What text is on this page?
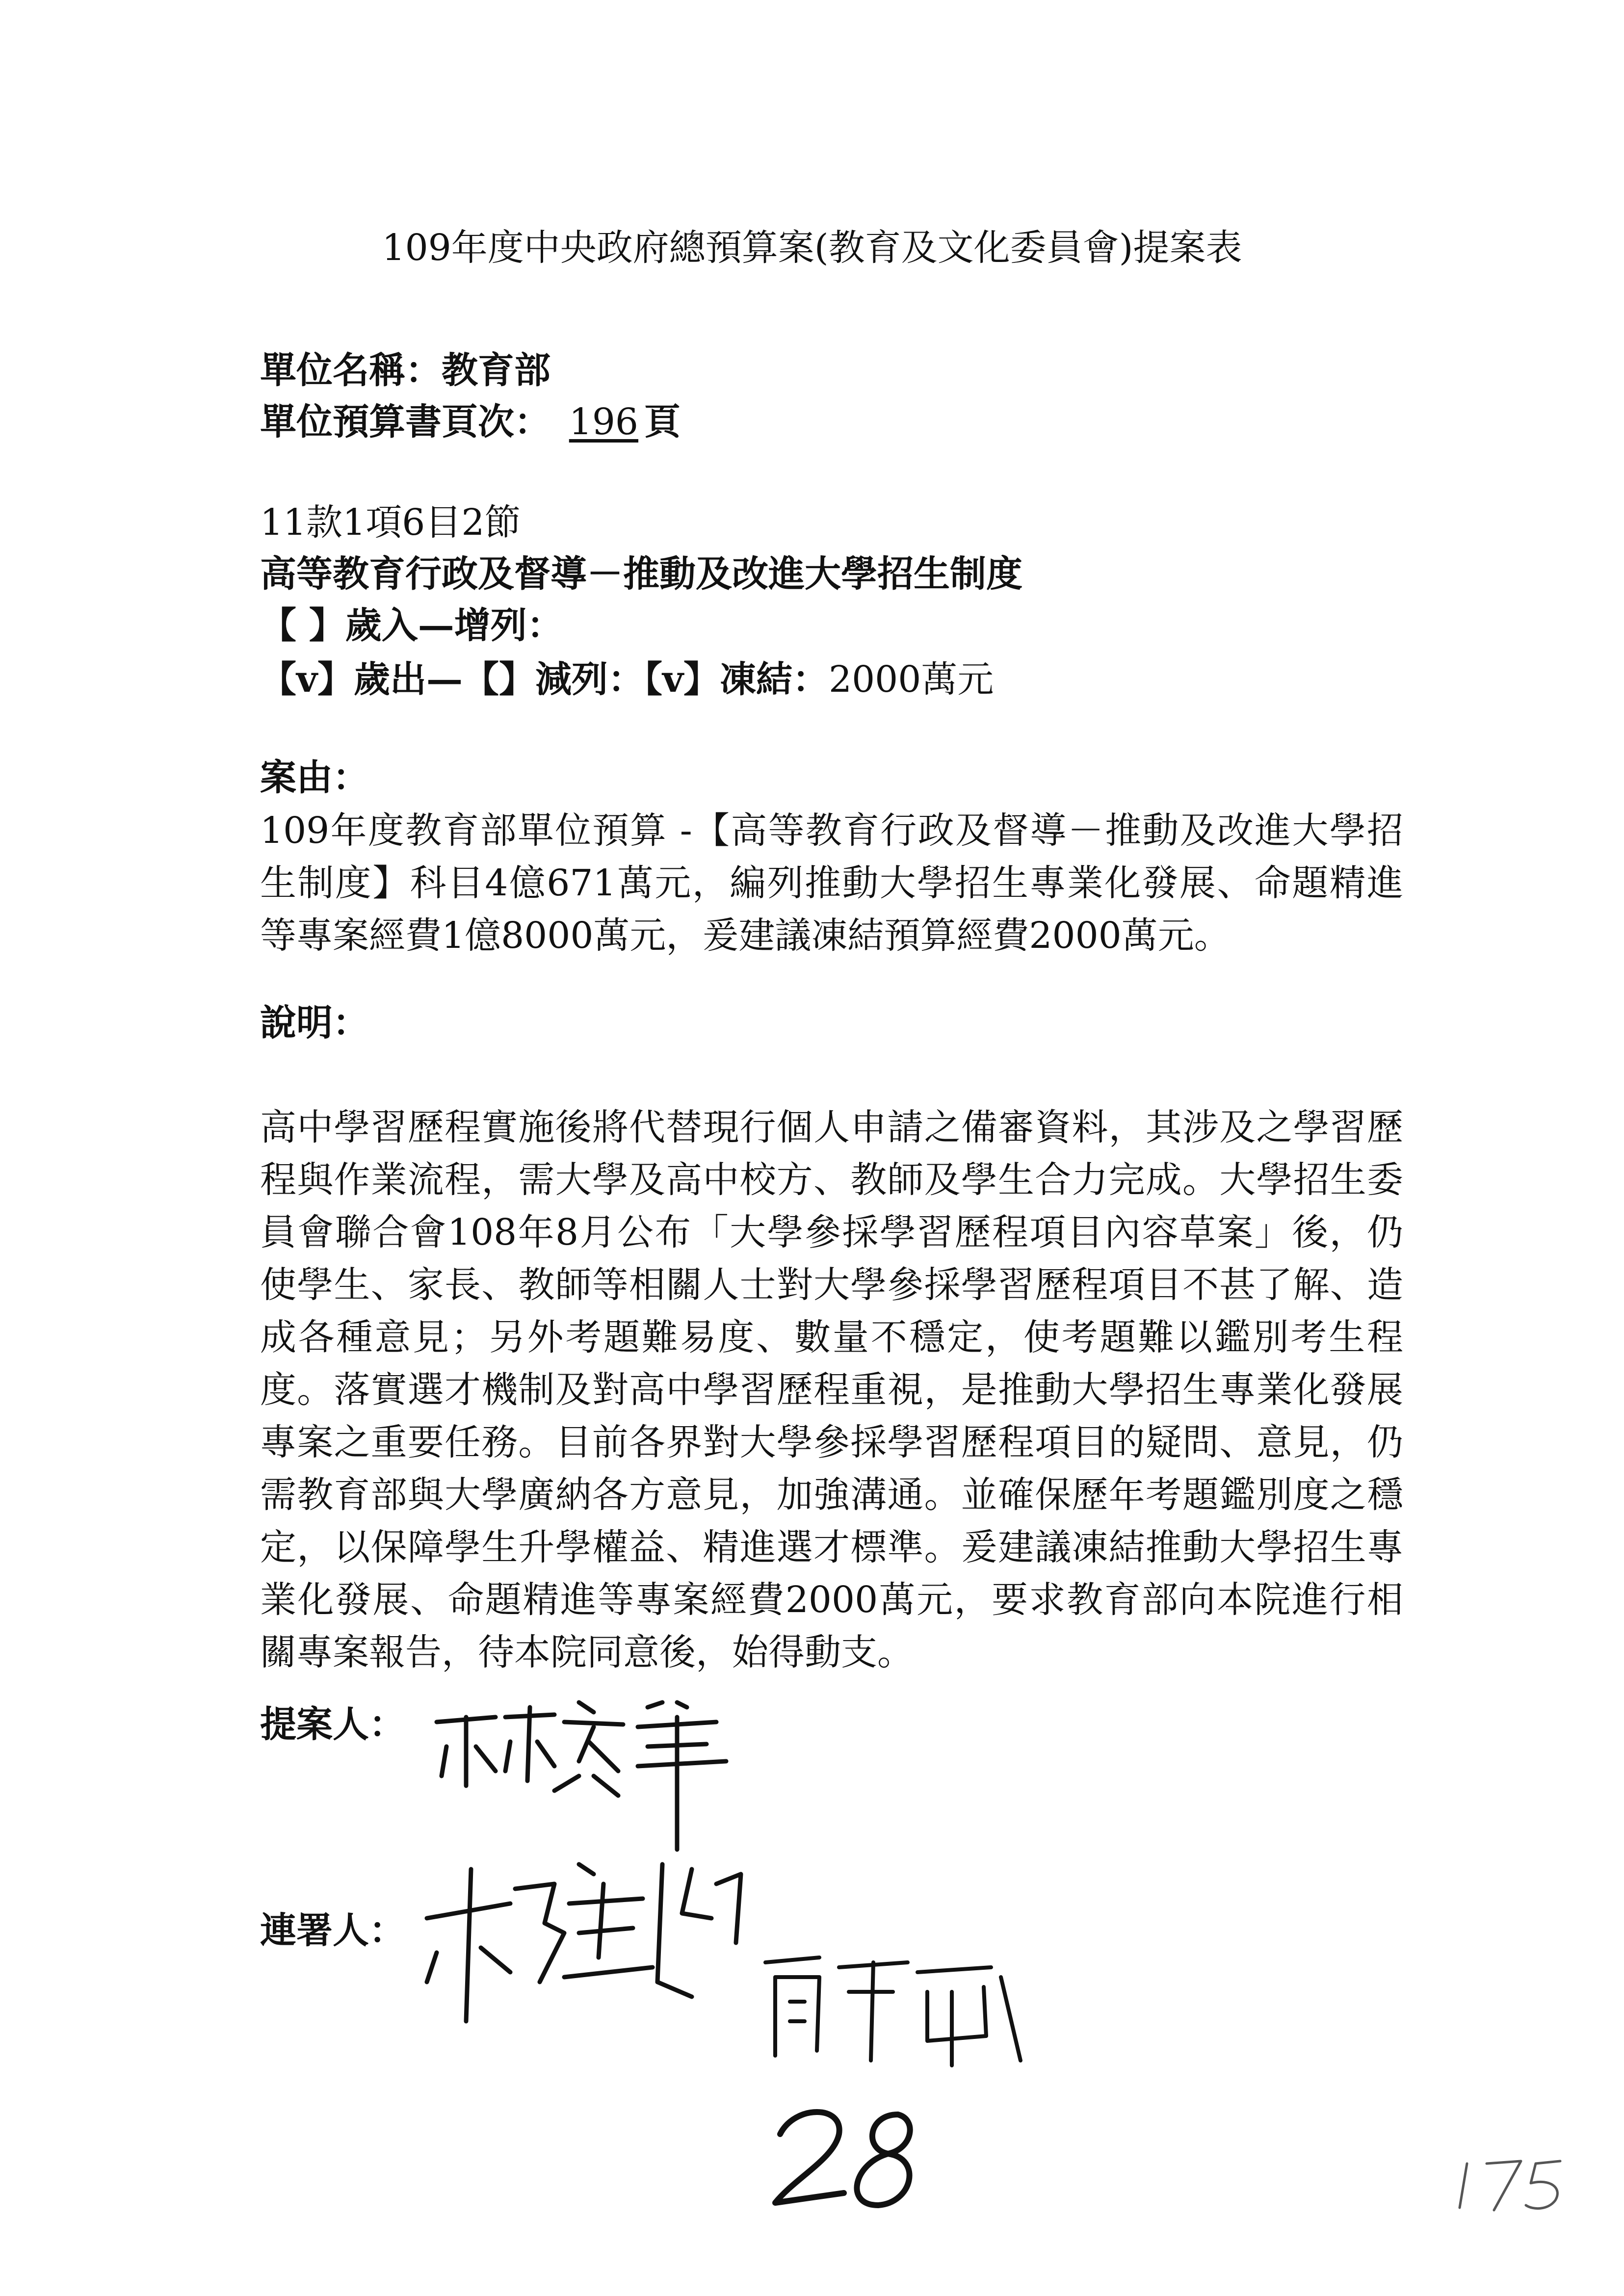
109年度中央政府總預算案(教育及文化委員會)提案表
單位名稱：教育部
單位預算書頁次： 196 頁
11款1項6目2節
高等教育行政及督導－推動及改進大學招生制度
【 】歲入—增列：
【v】歲出—【】減列：【v】凍結：2000萬元
案由：
109年度教育部單位預算 -【高等教育行政及督導－推動及改進大學招生制度】科目4億671萬元，編列推動大學招生專業化發展、命題精進等專案經費1億8000萬元，爰建議凍結預算經費2000萬元。
說明：
高中學習歷程實施後將代替現行個人申請之備審資料，其涉及之學習歷程與作業流程，需大學及高中校方、教師及學生合力完成。大學招生委員會聯合會108年8月公布「大學參採學習歷程項目內容草案」後，仍使學生、家長、教師等相關人士對大學參採學習歷程項目不甚了解、造成各種意見；另外考題難易度、數量不穩定，使考題難以鑑別考生程度。落實選才機制及對高中學習歷程重視，是推動大學招生專業化發展專案之重要任務。目前各界對大學參採學習歷程項目的疑問、意見，仍需教育部與大學廣納各方意見，加強溝通。並確保歷年考題鑑別度之穩定，以保障學生升學權益、精進選才標準。爰建議凍結推動大學招生專業化發展、命題精進等專案經費2000萬元，要求教育部向本院進行相關專案報告，待本院同意後，始得動支。
提案人：
連署人：
